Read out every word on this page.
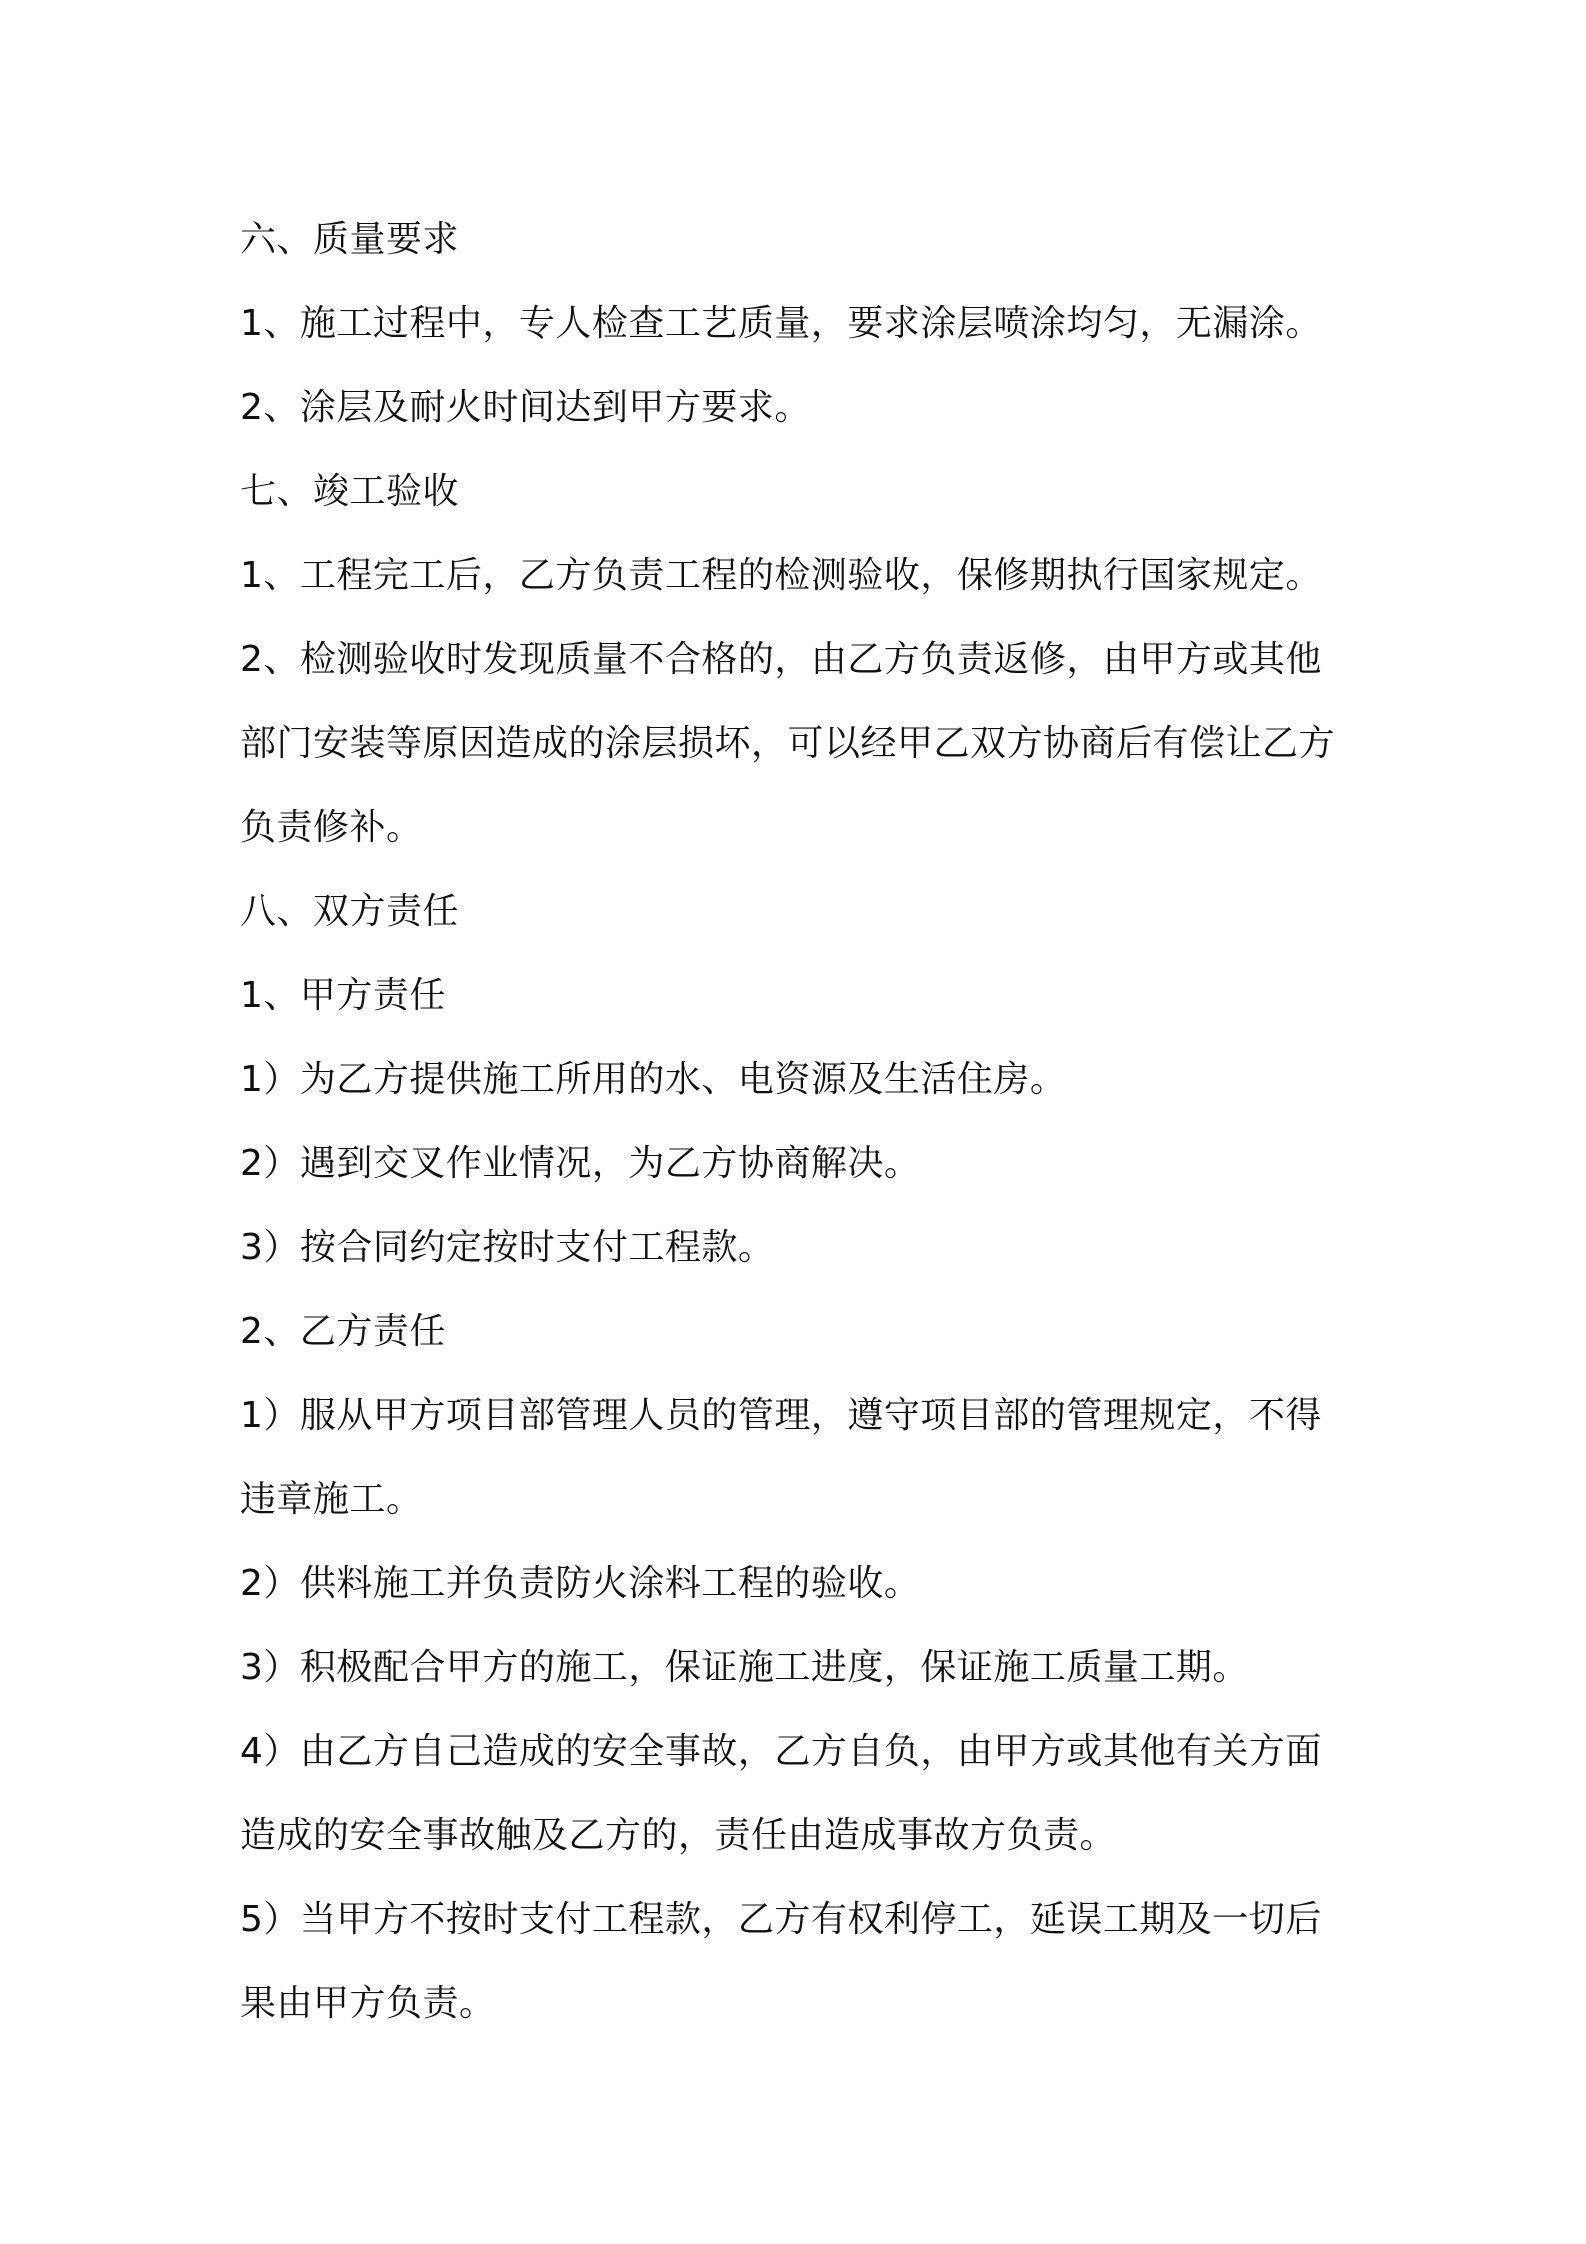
六、质量要求
1、施工过程中，专人检查工艺质量，要求涂层喷涂均匀，无漏涂。
2、涂层及耐火时间达到甲方要求。
七、竣工验收
1、工程完工后，乙方负责工程的检测验收，保修期执行国家规定。
2、检测验收时发现质量不合格的，由乙方负责返修，由甲方或其他
部门安装等原因造成的涂层损坏，可以经甲乙双方协商后有偿让乙方
负责修补。
八、双方责任
1、甲方责任
1）为乙方提供施工所用的水、电资源及生活住房。
2）遇到交叉作业情况，为乙方协商解决。
3）按合同约定按时支付工程款。
2、乙方责任
1）服从甲方项目部管理人员的管理，遵守项目部的管理规定，不得
违章施工。
2）供料施工并负责防火涂料工程的验收。
3）积极配合甲方的施工，保证施工进度，保证施工质量工期。
4）由乙方自己造成的安全事故，乙方自负，由甲方或其他有关方面
造成的安全事故触及乙方的，责任由造成事故方负责。
5）当甲方不按时支付工程款，乙方有权利停工，延误工期及一切后
果由甲方负责。
